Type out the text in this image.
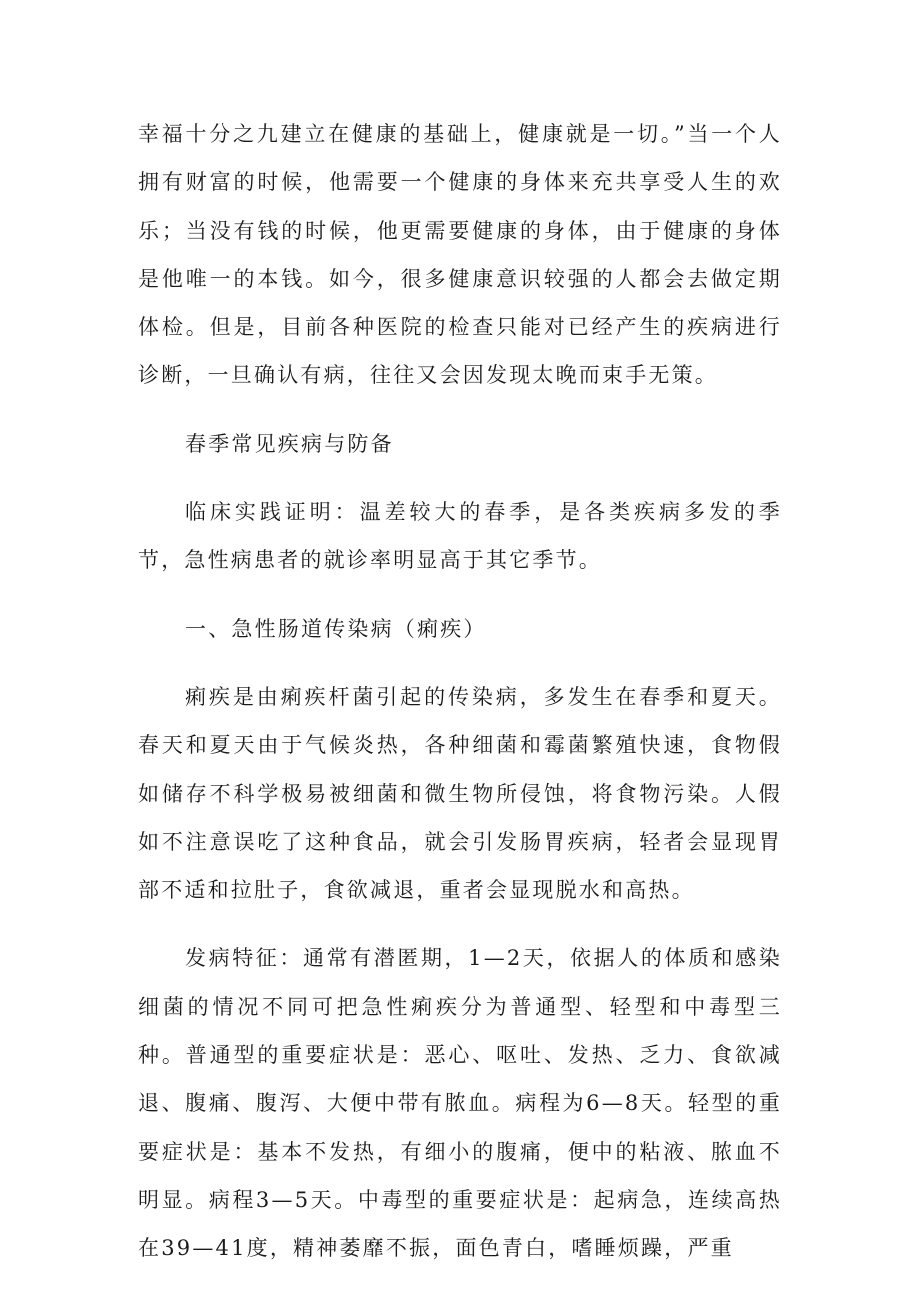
幸福十分之九建立在健康的基础上，健康就是一切。”当一个人拥有财富的时候，他需要一个健康的身体来充共享受人生的欢乐；当没有钱的时候，他更需要健康的身体，由于健康的身体是他唯一的本钱。如今，很多健康意识较强的人都会去做定期体检。但是，目前各种医院的检查只能对已经产生的疾病进行诊断，一旦确认有病，往往又会因发现太晚而束手无策。

春季常见疾病与防备

临床实践证明：温差较大的春季，是各类疾病多发的季节，急性病患者的就诊率明显高于其它季节。

一、急性肠道传染病（痢疾）

痢疾是由痢疾杆菌引起的传染病，多发生在春季和夏天。春天和夏天由于气候炎热，各种细菌和霉菌繁殖快速，食物假如储存不科学极易被细菌和微生物所侵蚀，将食物污染。人假如不注意误吃了这种食品，就会引发肠胃疾病，轻者会显现胃部不适和拉肚子，食欲减退，重者会显现脱水和高热。

发病特征：通常有潜匿期，1—2天，依据人的体质和感染细菌的情况不同可把急性痢疾分为普通型、轻型和中毒型三种。普通型的重要症状是：恶心、呕吐、发热、乏力、食欲减退、腹痛、腹泻、大便中带有脓血。病程为6—8天。轻型的重要症状是：基本不发热，有细小的腹痛，便中的粘液、脓血不明显。病程3—5天。中毒型的重要症状是：起病急，连续高热在39—41度，精神萎靡不振，面色青白，嗜睡烦躁，严重
